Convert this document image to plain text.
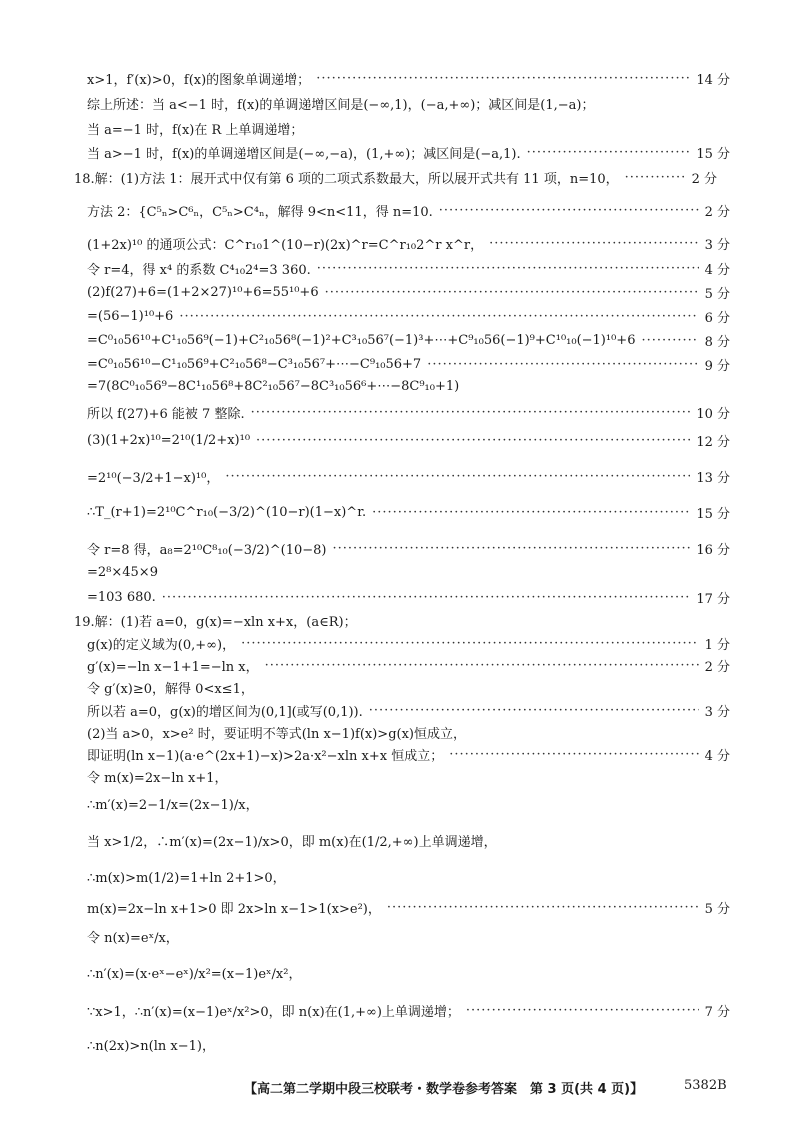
x>1，f′(x)>0，f(x)的图象单调递增； ·····	14 分
综上所述：当 a<−1 时，f(x)的单调递增区间是(−∞,1)，(−a,+∞)；减区间是(1,−a)；
当 a=−1 时，f(x)在 R 上单调递增；
当 a>−1 时，f(x)的单调递增区间是(−∞,−a)，(1,+∞)；减区间是(−a,1). ·····	15 分
18.解：(1)方法 1：展开式中仅有第 6 项的二项式系数最大，所以展开式共有 11 项，n=10， ·····	2 分
方法 2：{C⁵ₙ>C⁶ₙ，C⁵ₙ>C⁴ₙ，解得 9<n<11，得 n=10. ·····	2 分
(1+2x)¹⁰ 的通项公式：C^r₁₀1^(10−r)(2x)^r=C^r₁₀2^r x^r， ·····	3 分
令 r=4，得 x⁴ 的系数 C⁴₁₀2⁴=3 360. ·····	4 分
(2)f(27)+6=(1+2×27)¹⁰+6=55¹⁰+6 ·····	5 分
=(56−1)¹⁰+6 ·····	6 分
=C⁰₁₀56¹⁰+C¹₁₀56⁹(−1)+C²₁₀56⁸(−1)²+C³₁₀56⁷(−1)³+⋯+C⁹₁₀56(−1)⁹+C¹⁰₁₀(−1)¹⁰+6 ·····	8 分
=C⁰₁₀56¹⁰−C¹₁₀56⁹+C²₁₀56⁸−C³₁₀56⁷+⋯−C⁹₁₀56+7 ·····	9 分
=7(8C⁰₁₀56⁹−8C¹₁₀56⁸+8C²₁₀56⁷−8C³₁₀56⁶+⋯−8C⁹₁₀+1)
所以 f(27)+6 能被 7 整除. ·····	10 分
(3)(1+2x)¹⁰=2¹⁰(1/2+x)¹⁰ ·····	12 分
=2¹⁰(−3/2+1−x)¹⁰， ·····	13 分
∴T_(r+1)=2¹⁰C^r₁₀(−3/2)^(10−r)(1−x)^r. ·····	15 分
令 r=8 得，a₈=2¹⁰C⁸₁₀(−3/2)^(10−8) ·····	16 分
=2⁸×45×9
=103 680. ·····	17 分
19.解：(1)若 a=0，g(x)=−xln x+x，(a∈R)；
g(x)的定义域为(0,+∞)， ·····	1 分
g′(x)=−ln x−1+1=−ln x， ·····	2 分
令 g′(x)≥0，解得 0<x≤1，
所以若 a=0，g(x)的增区间为(0,1](或写(0,1)). ·····	3 分
(2)当 a>0，x>e² 时，要证明不等式(ln x−1)f(x)>g(x)恒成立，
即证明(ln x−1)(a·e^(2x+1)−x)>2a·x²−xln x+x 恒成立； ·····	4 分
令 m(x)=2x−ln x+1，
∴m′(x)=2−1/x=(2x−1)/x，
当 x>1/2，∴m′(x)=(2x−1)/x>0，即 m(x)在(1/2,+∞)上单调递增，
∴m(x)>m(1/2)=1+ln 2+1>0，
m(x)=2x−ln x+1>0 即 2x>ln x−1>1(x>e²)， ·····	5 分
令 n(x)=eˣ/x，
∴n′(x)=(x·eˣ−eˣ)/x²=(x−1)eˣ/x²，
∵x>1，∴n′(x)=(x−1)eˣ/x²>0，即 n(x)在(1,+∞)上单调递增； ·····	7 分
∴n(2x)>n(ln x−1)，
【高二第二学期中段三校联考・数学卷参考答案　第 3 页(共 4 页)】	5382B
